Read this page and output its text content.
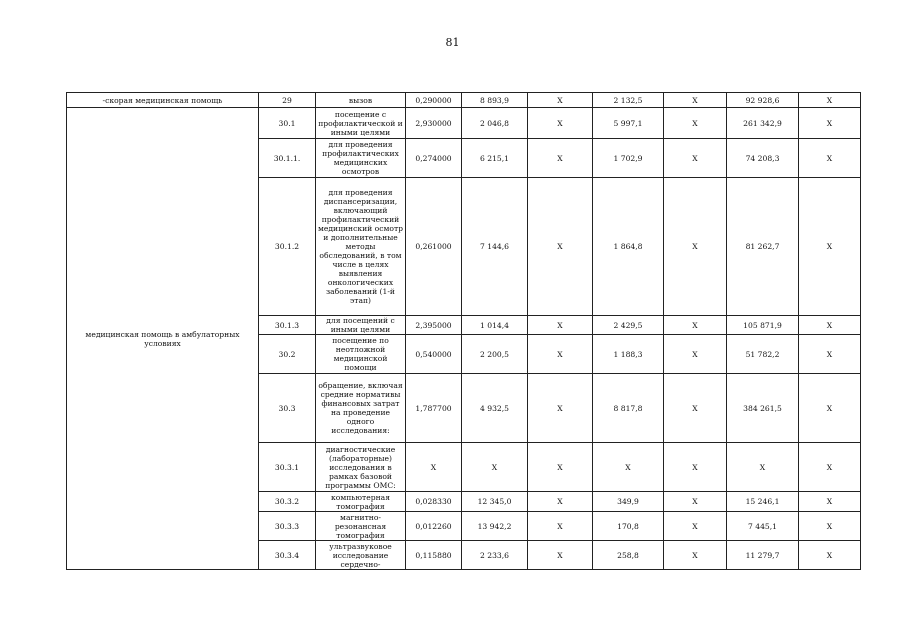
81
-скорая медицинская помощь	29	вызов	0,290000	8 893,9	X	2 132,5	X	92 928,6	X
медицинская помощь в амбулаторных условиях	30.1	посещение с профилактической и иными целями	2,930000	2 046,8	X	5 997,1	X	261 342,9	X
	30.1.1.	для проведения профилактических медицинских осмотров	0,274000	6 215,1	X	1 702,9	X	74 208,3	X
	30.1.2	для проведения диспансеризации, включающий профилактический медицинский осмотр и дополнительные методы обследований, в том числе в целях выявления онкологических заболеваний (1-й этап)	0,261000	7 144,6	X	1 864,8	X	81 262,7	X
	30.1.3	для посещений с иными целями	2,395000	1 014,4	X	2 429,5	X	105 871,9	X
	30.2	посещение по неотложной медицинской помощи	0,540000	2 200,5	X	1 188,3	X	51 782,2	X
	30.3	обращение, включая средние нормативы финансовых затрат на проведение одного исследования:	1,787700	4 932,5	X	8 817,8	X	384 261,5	X
	30.3.1	диагностические (лабораторные) исследования в рамках базовой программы ОМС:	X	X	X	X	X	X	X
	30.3.2	компьютерная томография	0,028330	12 345,0	X	349,9	X	15 246,1	X
	30.3.3	магнитно-резонансная томография	0,012260	13 942,2	X	170,8	X	7 445,1	X
	30.3.4	ультразвуковое исследование сердечно-	0,115880	2 233,6	X	258,8	X	11 279,7	X
